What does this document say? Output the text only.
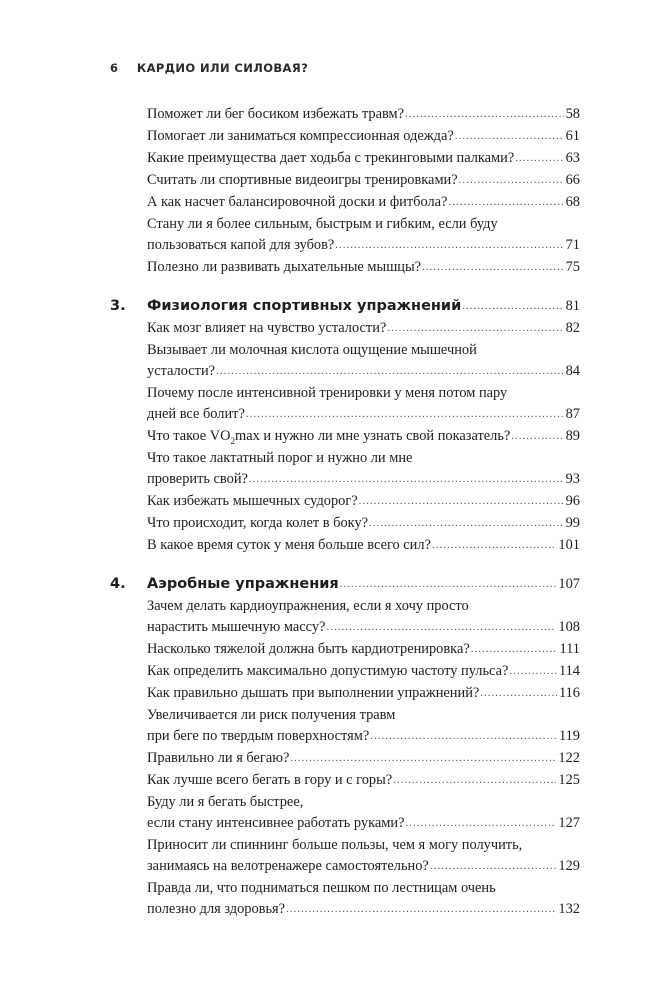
6 КАРДИО ИЛИ СИЛОВАЯ?
Поможет ли бег босиком избежать травм? .....	58
Помогает ли заниматься компрессионная одежда? .....	61
Какие преимущества дает ходьба с трекинговыми палками? .....	63
Считать ли спортивные видеоигры тренировками? .....	66
А как насчет балансировочной доски и фитбола? .....	68
Стану ли я более сильным, быстрым и гибким, если буду
пользоваться капой для зубов? .....	71
Полезно ли развивать дыхательные мышцы? .....	75
3.	Физиология спортивных упражнений .....	81
Как мозг влияет на чувство усталости? .....	82
Вызывает ли молочная кислота ощущение мышечной
усталости? .....	84
Почему после интенсивной тренировки у меня потом пару
дней все болит? .....	87
Что такое $VO_2\max$ и нужно ли мне узнать свой показатель? .....	89
Что такое лактатный порог и нужно ли мне
проверить свой? .....	93
Как избежать мышечных судорог? .....	96
Что происходит, когда колет в боку? .....	99
В какое время суток у меня больше всего сил? .....	101
4.	Аэробные упражнения .....	107
Зачем делать кардиоупражнения, если я хочу просто
нарастить мышечную массу? .....	108
Насколько тяжелой должна быть кардиотренировка? .....	111
Как определить максимально допустимую частоту пульса? .....	114
Как правильно дышать при выполнении упражнений? .....	116
Увеличивается ли риск получения травм
при беге по твердым поверхностям? .....	119
Правильно ли я бегаю? .....	122
Как лучше всего бегать в гору и с горы? .....	125
Буду ли я бегать быстрее,
если стану интенсивнее работать руками? .....	127
Приносит ли спиннинг больше пользы, чем я могу получить,
занимаясь на велотренажере самостоятельно? .....	129
Правда ли, что подниматься пешком по лестницам очень
полезно для здоровья? .....	132
